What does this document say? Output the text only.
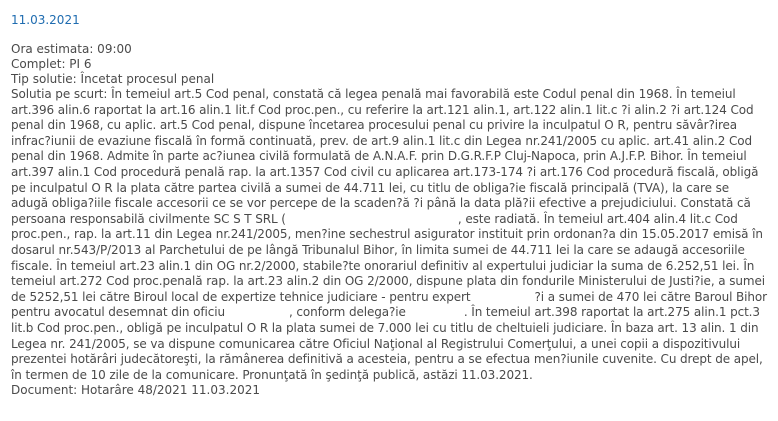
11.03.2021
Ora estimata: 09:00
Complet: PI 6
Tip solutie: Încetat procesul penal

Solutia pe scurt: În temeiul art.5 Cod penal, constată că legea penală mai favorabilă este Codul penal din 1968. În temeiul art.396 alin.6 raportat la art.16 alin.1 lit.f Cod proc.pen., cu referire la art.121 alin.1, art.122 alin.1 lit.c ?i alin.2 ?i art.124 Cod penal din 1968, cu aplic. art.5 Cod penal, dispune încetarea procesului penal cu privire la inculpatul O R, pentru săvâr?irea infrac?iunii de evaziune fiscală în formă continuată, prev. de art.9 alin.1 lit.c din Legea nr.241/2005 cu aplic. art.41 alin.2 Cod penal din 1968. Admite în parte ac?iunea civilă formulată de A.N.A.F. prin D.G.R.F.P Cluj-Napoca, prin A.J.F.P. Bihor. În temeiul art.397 alin.1 Cod procedură penală rap. la art.1357 Cod civil cu aplicarea art.173-174 ?i art.176 Cod procedură fiscală, obligă pe inculpatul O R la plata către partea civilă a sumei de 44.711 lei, cu titlu de obliga?ie fiscală principală (TVA), la care se adugă obliga?iile fiscale accesorii ce se vor percepe de la scaden?ă ?i până la data plă?ii efective a prejudiciului. Constată că persoana responsabilă civilmente SC S T SRL (	, este radiată. În temeiul art.404 alin.4 lit.c Cod proc.pen., rap. la art.11 din Legea nr.241/2005, men?ine sechestrul asigurator instituit prin ordonan?a din 15.05.2017 emisă în dosarul nr.543/P/2013 al Parchetului de pe lângă Tribunalul Bihor, în limita sumei de 44.711 lei la care se adaugă accesoriile fiscale. În temeiul art.23 alin.1 din OG nr.2/2000, stabile?te onorariul definitiv al expertului judiciar la suma de 6.252,51 lei. În temeiul art.272 Cod proc.penală rap. la art.23 alin.2 din OG 2/2000, dispune plata din fondurile Ministerului de Justi?ie, a sumei de 5252,51 lei către Biroul local de expertize tehnice judiciare - pentru expert	?i a sumei de 470 lei către Baroul Bihor pentru avocatul desemnat din oficiu	, conform delega?ie	. În temeiul art.398 raportat la art.275 alin.1 pct.3 lit.b Cod proc.pen., obligă pe inculpatul O R la plata sumei de 7.000 lei cu titlu de cheltuieli judiciare. În baza art. 13 alin. 1 din Legea nr. 241/2005, se va dispune comunicarea către Oficiul Naţional al Registrului Comerţului, a unei copii a dispozitivului prezentei hotărâri judecătoreşti, la rămânerea definitivă a acesteia, pentru a se efectua men?iunile cuvenite. Cu drept de apel, în termen de 10 zile de la comunicare. Pronunţată în şedinţă publică, astăzi 11.03.2021.

Document: Hotarâre 48/2021 11.03.2021
